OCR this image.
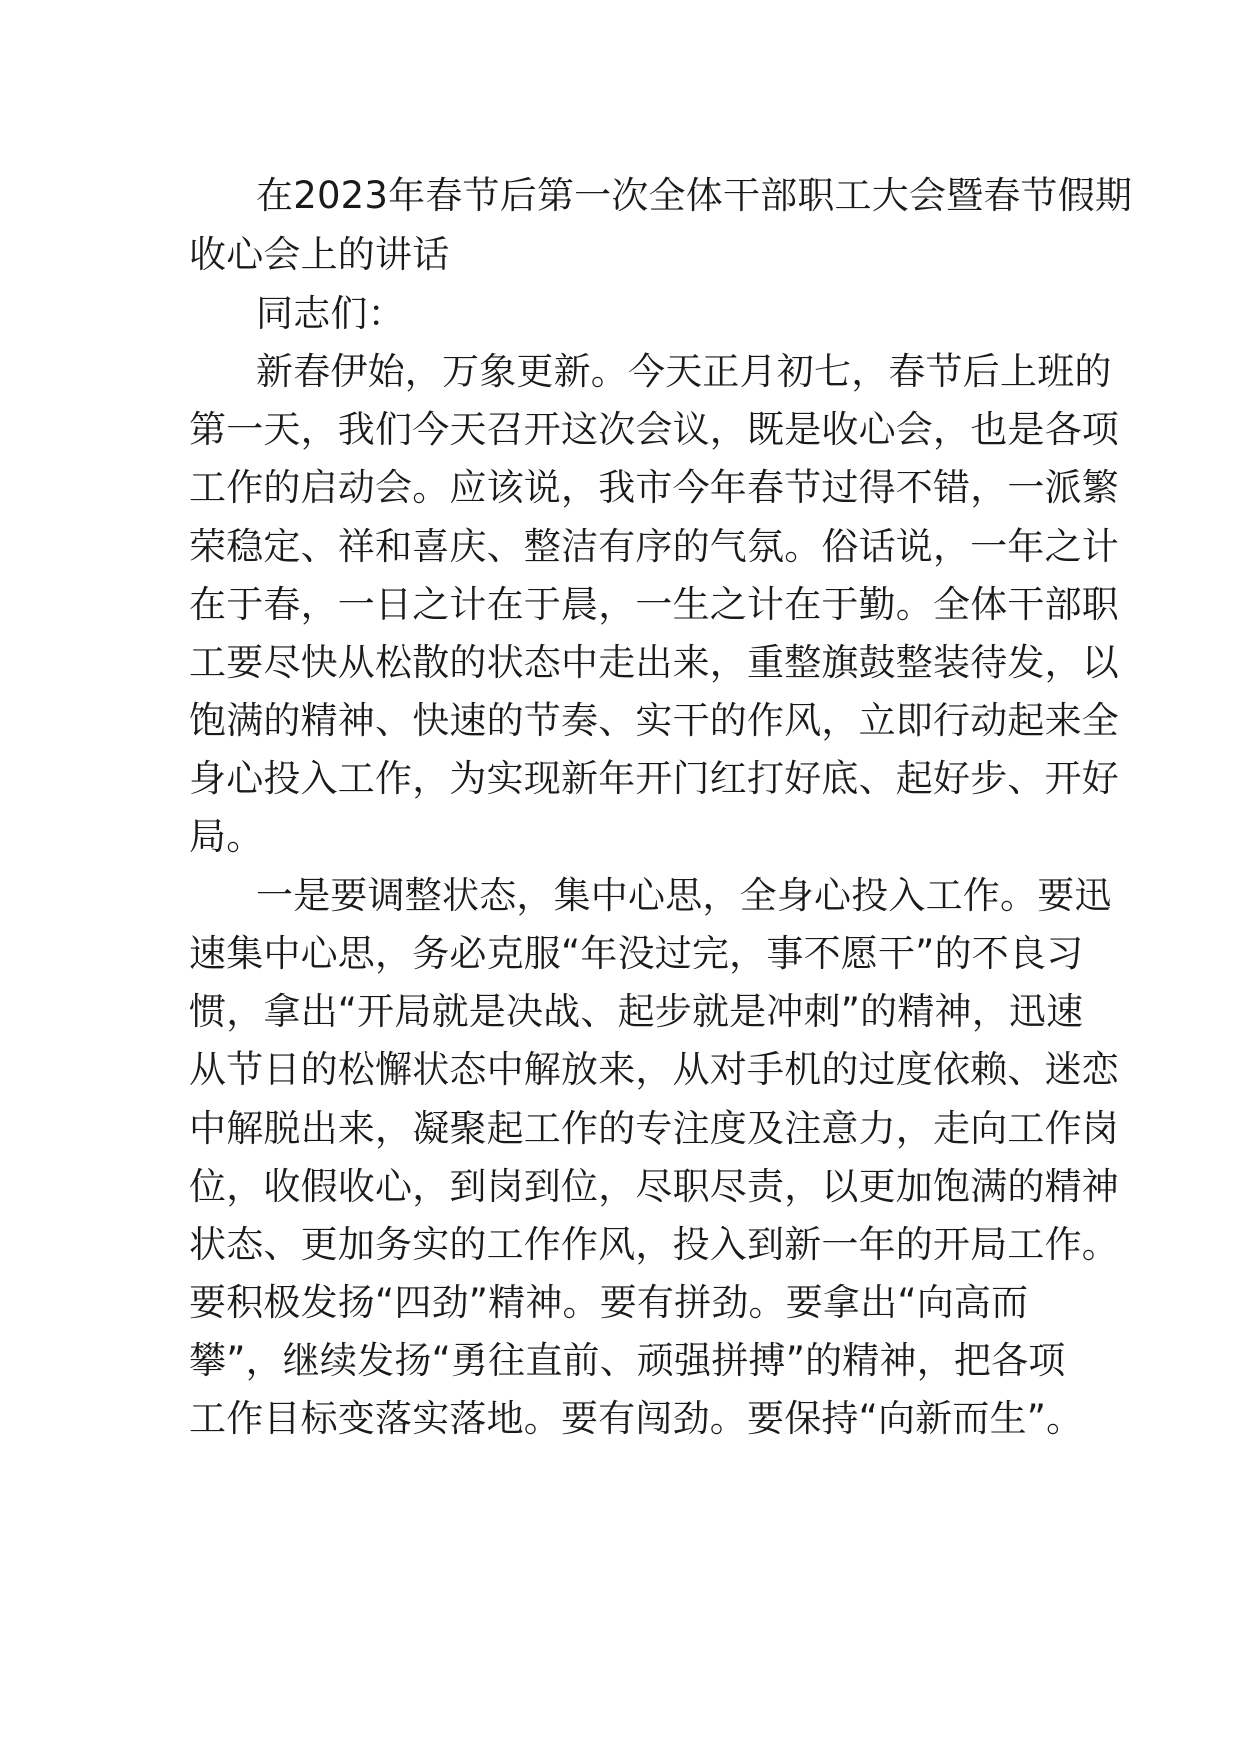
在2023年春节后第一次全体干部职工大会暨春节假期
收心会上的讲话
同志们：
新春伊始，万象更新。今天正月初七，春节后上班的
第一天，我们今天召开这次会议，既是收心会，也是各项
工作的启动会。应该说，我市今年春节过得不错，一派繁
荣稳定、祥和喜庆、整洁有序的气氛。俗话说，一年之计
在于春，一日之计在于晨，一生之计在于勤。全体干部职
工要尽快从松散的状态中走出来，重整旗鼓整装待发，以
饱满的精神、快速的节奏、实干的作风，立即行动起来全
身心投入工作，为实现新年开门红打好底、起好步、开好
局。
一是要调整状态，集中心思，全身心投入工作。要迅
速集中心思，务必克服“年没过完，事不愿干”的不良习
惯，拿出“开局就是决战、起步就是冲刺”的精神，迅速
从节日的松懈状态中解放来，从对手机的过度依赖、迷恋
中解脱出来，凝聚起工作的专注度及注意力，走向工作岗
位，收假收心，到岗到位，尽职尽责，以更加饱满的精神
状态、更加务实的工作作风，投入到新一年的开局工作。
要积极发扬“四劲”精神。要有拼劲。要拿出“向高而
攀”，继续发扬“勇往直前、顽强拼搏”的精神，把各项
工作目标变落实落地。要有闯劲。要保持“向新而生”。
